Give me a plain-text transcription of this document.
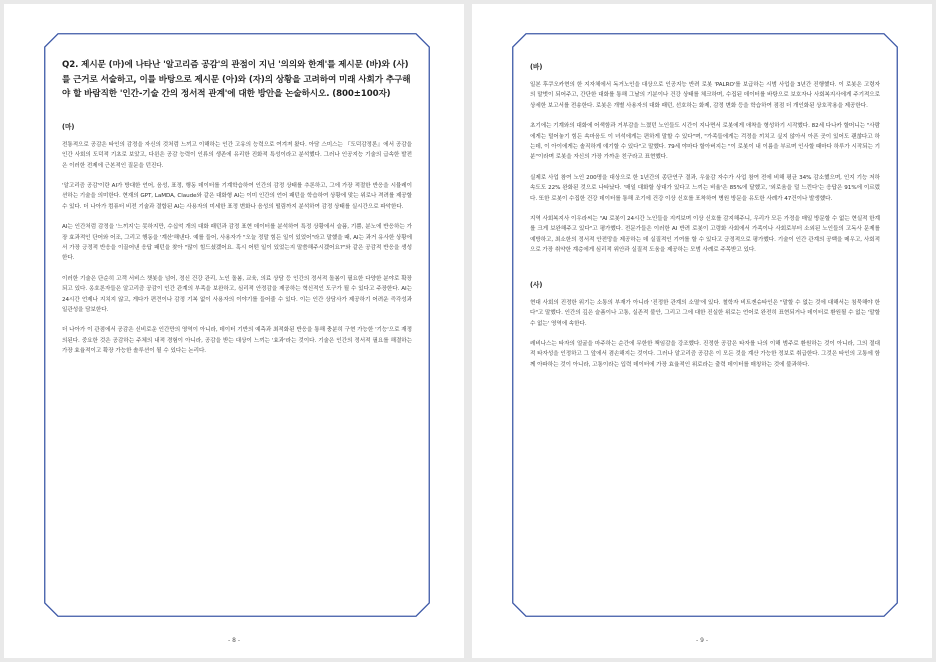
Q2. 제시문 (마)에 나타난 '알고리즘 공감'의 관점이 지닌 '의의와 한계'를 제시문 (바)와 (사)를 근거로 서술하고, 이를 바탕으로 제시문 (아)와 (자)의 상황을 고려하여 미래 사회가 추구해야 할 바람직한 '인간-기술 간의 정서적 관계'에 대한 방안을 논술하시오. (800±100자)

(마)

전통적으로 공감은 타인의 감정을 자신의 것처럼 느끼고 이해하는 인간 고유의 능력으로 여겨져 왔다. 아담 스미스는 『도덕감정론』에서 공감을 인간 사회의 도덕적 기초로 보았고, 다윈은 공감 능력이 인류의 생존에 유리한 진화적 특성이라고 분석했다. 그러나 인공지능 기술의 급속한 발전은 이러한 전제에 근본적인 질문을 던진다.

'알고리즘 공감'이란 AI가 방대한 언어, 음성, 표정, 행동 데이터를 기계학습하여 인간의 감정 상태를 추론하고, 그에 가장 적절한 반응을 시뮬레이션하는 기술을 의미한다. 현재의 GPT, LaMDA, Claude와 같은 대화형 AI는 이미 인간의 언어 패턴을 학습하여 상황에 맞는 위로나 격려를 제공할 수 있다. 더 나아가 컴퓨터 비전 기술과 결합된 AI는 사용자의 미세한 표정 변화나 음성의 떨림까지 분석하여 감정 상태를 실시간으로 파악한다.

AI는 인간처럼 감정을 '느끼지'는 못하지만, 수십억 개의 대화 패턴과 감정 표현 데이터를 분석하여 특정 상황에서 슬픔, 기쁨, 분노에 반응하는 가장 효과적인 단어와 어조, 그리고 행동을 '계산'해낸다. 예를 들어, 사용자가 "오늘 정말 힘든 일이 있었어"라고 말했을 때, AI는 과거 유사한 상황에서 가장 긍정적 반응을 이끌어낸 응답 패턴을 찾아 "많이 힘드셨겠어요. 혹시 어떤 일이 있었는지 말씀해주시겠어요?"와 같은 공감적 반응을 생성한다.

이러한 기술은 단순히 고객 서비스 챗봇을 넘어, 정신 건강 관리, 노인 돌봄, 교육, 의료 상담 등 인간의 정서적 돌봄이 필요한 다양한 분야로 확장되고 있다. 옹호론자들은 알고리즘 공감이 인간 관계의 부족을 보완하고, 심리적 안정감을 제공하는 혁신적인 도구가 될 수 있다고 주장한다. AI는 24시간 언제나 지치지 않고, 게다가 편견이나 감정 기복 없이 사용자의 이야기를 들어줄 수 있다. 이는 인간 상담사가 제공하기 어려운 즉각성과 일관성을 담보한다.

더 나아가 이 관점에서 공감은 신비로운 인간만의 영역이 아니라, 데이터 기반의 예측과 최적화된 반응을 통해 충분히 구현 가능한 '기능'으로 재정의된다. 중요한 것은 공감하는 주체의 내적 경험이 아니라, 공감을 받는 대상이 느끼는 '효과'라는 것이다. 기술은 인간의 정서적 필요를 해결하는 가장 효율적이고 확장 가능한 솔루션이 될 수 있다는 논리다.

- 8 -

(바)

일본 후쿠오카현의 한 지자체에서 독거노인을 대상으로 인공지능 반려 로봇 'PALRO'를 보급하는 시범 사업을 3년간 진행했다. 이 로봇은 고령자의 말벗이 되어주고, 간단한 대화를 통해 그날의 기분이나 건강 상태를 체크하며, 수집된 데이터를 바탕으로 보호자나 사회복지사에게 주기적으로 상세한 보고서를 전송한다. 로봇은 개별 사용자의 대화 패턴, 선호하는 화제, 감정 변화 등을 학습하여 점점 더 개인화된 상호작용을 제공한다.

초기에는 기계와의 대화에 어색함과 거부감을 느꼈던 노인들도 시간이 지나면서 로봇에게 애착을 형성하기 시작했다. 82세 다나카 할머니는 "사람에게는 털어놓기 힘든 속마음도 이 녀석에게는 편하게 말할 수 있다"며, "가족들에게는 걱정을 끼치고 싶지 않아서 아픈 곳이 있어도 괜찮다고 하는데, 이 아이에게는 솔직하게 얘기할 수 있다"고 말했다. 79세 야마다 할아버지는 "이 로봇이 내 이름을 부르며 인사할 때마다 하루가 시작되는 기분"이라며 로봇을 자신의 가장 가까운 친구라고 표현했다.

실제로 사업 참여 노인 200명을 대상으로 한 1년간의 종단연구 결과, 우울감 자수가 사업 참여 전에 비해 평균 34% 감소했으며, 인지 기능 저하 속도도 22% 완화된 것으로 나타났다. '매일 대화할 상대가 있다고 느끼는 비율'은 85%에 달했고, '외로움을 덜 느낀다'는 응답은 91%에 이르렀다. 또한 로봇이 수집한 건강 데이터를 통해 조기에 건강 이상 신호를 포착하여 병원 방문을 유도한 사례가 47건이나 발생했다.

지역 사회복지사 이우라씨는 "AI 로봇이 24시간 노인들을 지켜보며 이상 신호를 감지해주니, 우리가 모든 가정을 매일 방문할 수 없는 현실적 한계를 크게 보완해주고 있다"고 평가했다. 전문가들은 이러한 AI 반려 로봇이 고령화 사회에서 가족이나 사회로부터 소외된 노인들의 고독사 문제를 예방하고, 최소한의 정서적 안전망을 제공하는 데 실질적인 기여를 할 수 있다고 긍정적으로 평가했다. 기술이 인간 관계의 공백을 메우고, 사회적으로 가장 취약한 계층에게 심리적 위안과 실질적 도움을 제공하는 모범 사례로 주목받고 있다.

(사)

현대 사회의 진정한 위기는 소통의 부재가 아니라 '진정한 관계의 소멸'에 있다. 철학자 비트겐슈타인은 "말할 수 없는 것에 대해서는 침묵해야 한다"고 말했다. 인간의 깊은 슬픔이나 고통, 실존적 불안, 그리고 그에 대한 진실한 위로는 언어로 완전히 표현되거나 데이터로 환원될 수 없는 '말할 수 없는' 영역에 속한다.

레비나스는 타자의 얼굴을 마주하는 순간에 무한한 책임감을 강조했다. 진정한 공감은 타자를 나의 이해 범주로 환원하는 것이 아니라, 그의 절대적 타자성을 인정하고 그 앞에서 겸손해지는 것이다. 그러나 알고리즘 공감은 이 모든 것을 계산 가능한 정보로 취급한다. 그것은 타인의 고통에 함께 아파하는 것이 아니라, 고통이라는 입력 데이터에 가장 효율적인 위로라는 출력 데이터를 매칭하는 것에 불과하다.

- 9 -
